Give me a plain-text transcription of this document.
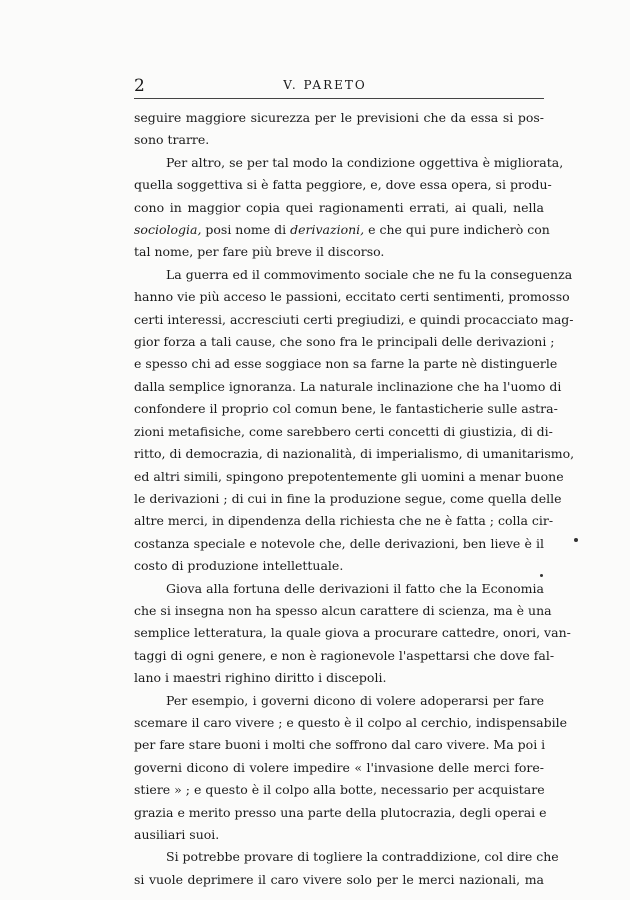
2	V. PARETO

seguire maggiore sicurezza per le previsioni che da essa si pos-
sono trarre.

Per altro, se per tal modo la condizione oggettiva è migliorata,
quella soggettiva si è fatta peggiore, e, dove essa opera, si produ-
cono in maggior copia quei ragionamenti errati, ai quali, nella
sociologia, posi nome di derivazioni, e che qui pure indicherò con
tal nome, per fare più breve il discorso.

La guerra ed il commovimento sociale che ne fu la conseguenza
hanno vie più acceso le passioni, eccitato certi sentimenti, promosso
certi interessi, accresciuti certi pregiudizi, e quindi procacciato mag-
gior forza a tali cause, che sono fra le principali delle derivazioni ;
e spesso chi ad esse soggiace non sa farne la parte nè distinguerle
dalla semplice ignoranza. La naturale inclinazione che ha l'uomo di
confondere il proprio col comun bene, le fantasticherie sulle astra-
zioni metafisiche, come sarebbero certi concetti di giustizia, di di-
ritto, di democrazia, di nazionalità, di imperialismo, di umanitarismo,
ed altri simili, spingono prepotentemente gli uomini a menar buone
le derivazioni ; di cui in fine la produzione segue, come quella delle
altre merci, in dipendenza della richiesta che ne è fatta ; colla cir-
costanza speciale e notevole che, delle derivazioni, ben lieve è il
costo di produzione intellettuale.

Giova alla fortuna delle derivazioni il fatto che la Economia
che si insegna non ha spesso alcun carattere di scienza, ma è una
semplice letteratura, la quale giova a procurare cattedre, onori, van-
taggi di ogni genere, e non è ragionevole l'aspettarsi che dove fal-
lano i maestri righino diritto i discepoli.

Per esempio, i governi dicono di volere adoperarsi per fare
scemare il caro vivere ; e questo è il colpo al cerchio, indispensabile
per fare stare buoni i molti che soffrono dal caro vivere. Ma poi i
governi dicono di volere impedire « l'invasione delle merci fore-
stiere » ; e questo è il colpo alla botte, necessario per acquistare
grazia e merito presso una parte della plutocrazia, degli operai e
ausiliari suoi.

Si potrebbe provare di togliere la contraddizione, col dire che
si vuole deprimere il caro vivere solo per le merci nazionali, ma
